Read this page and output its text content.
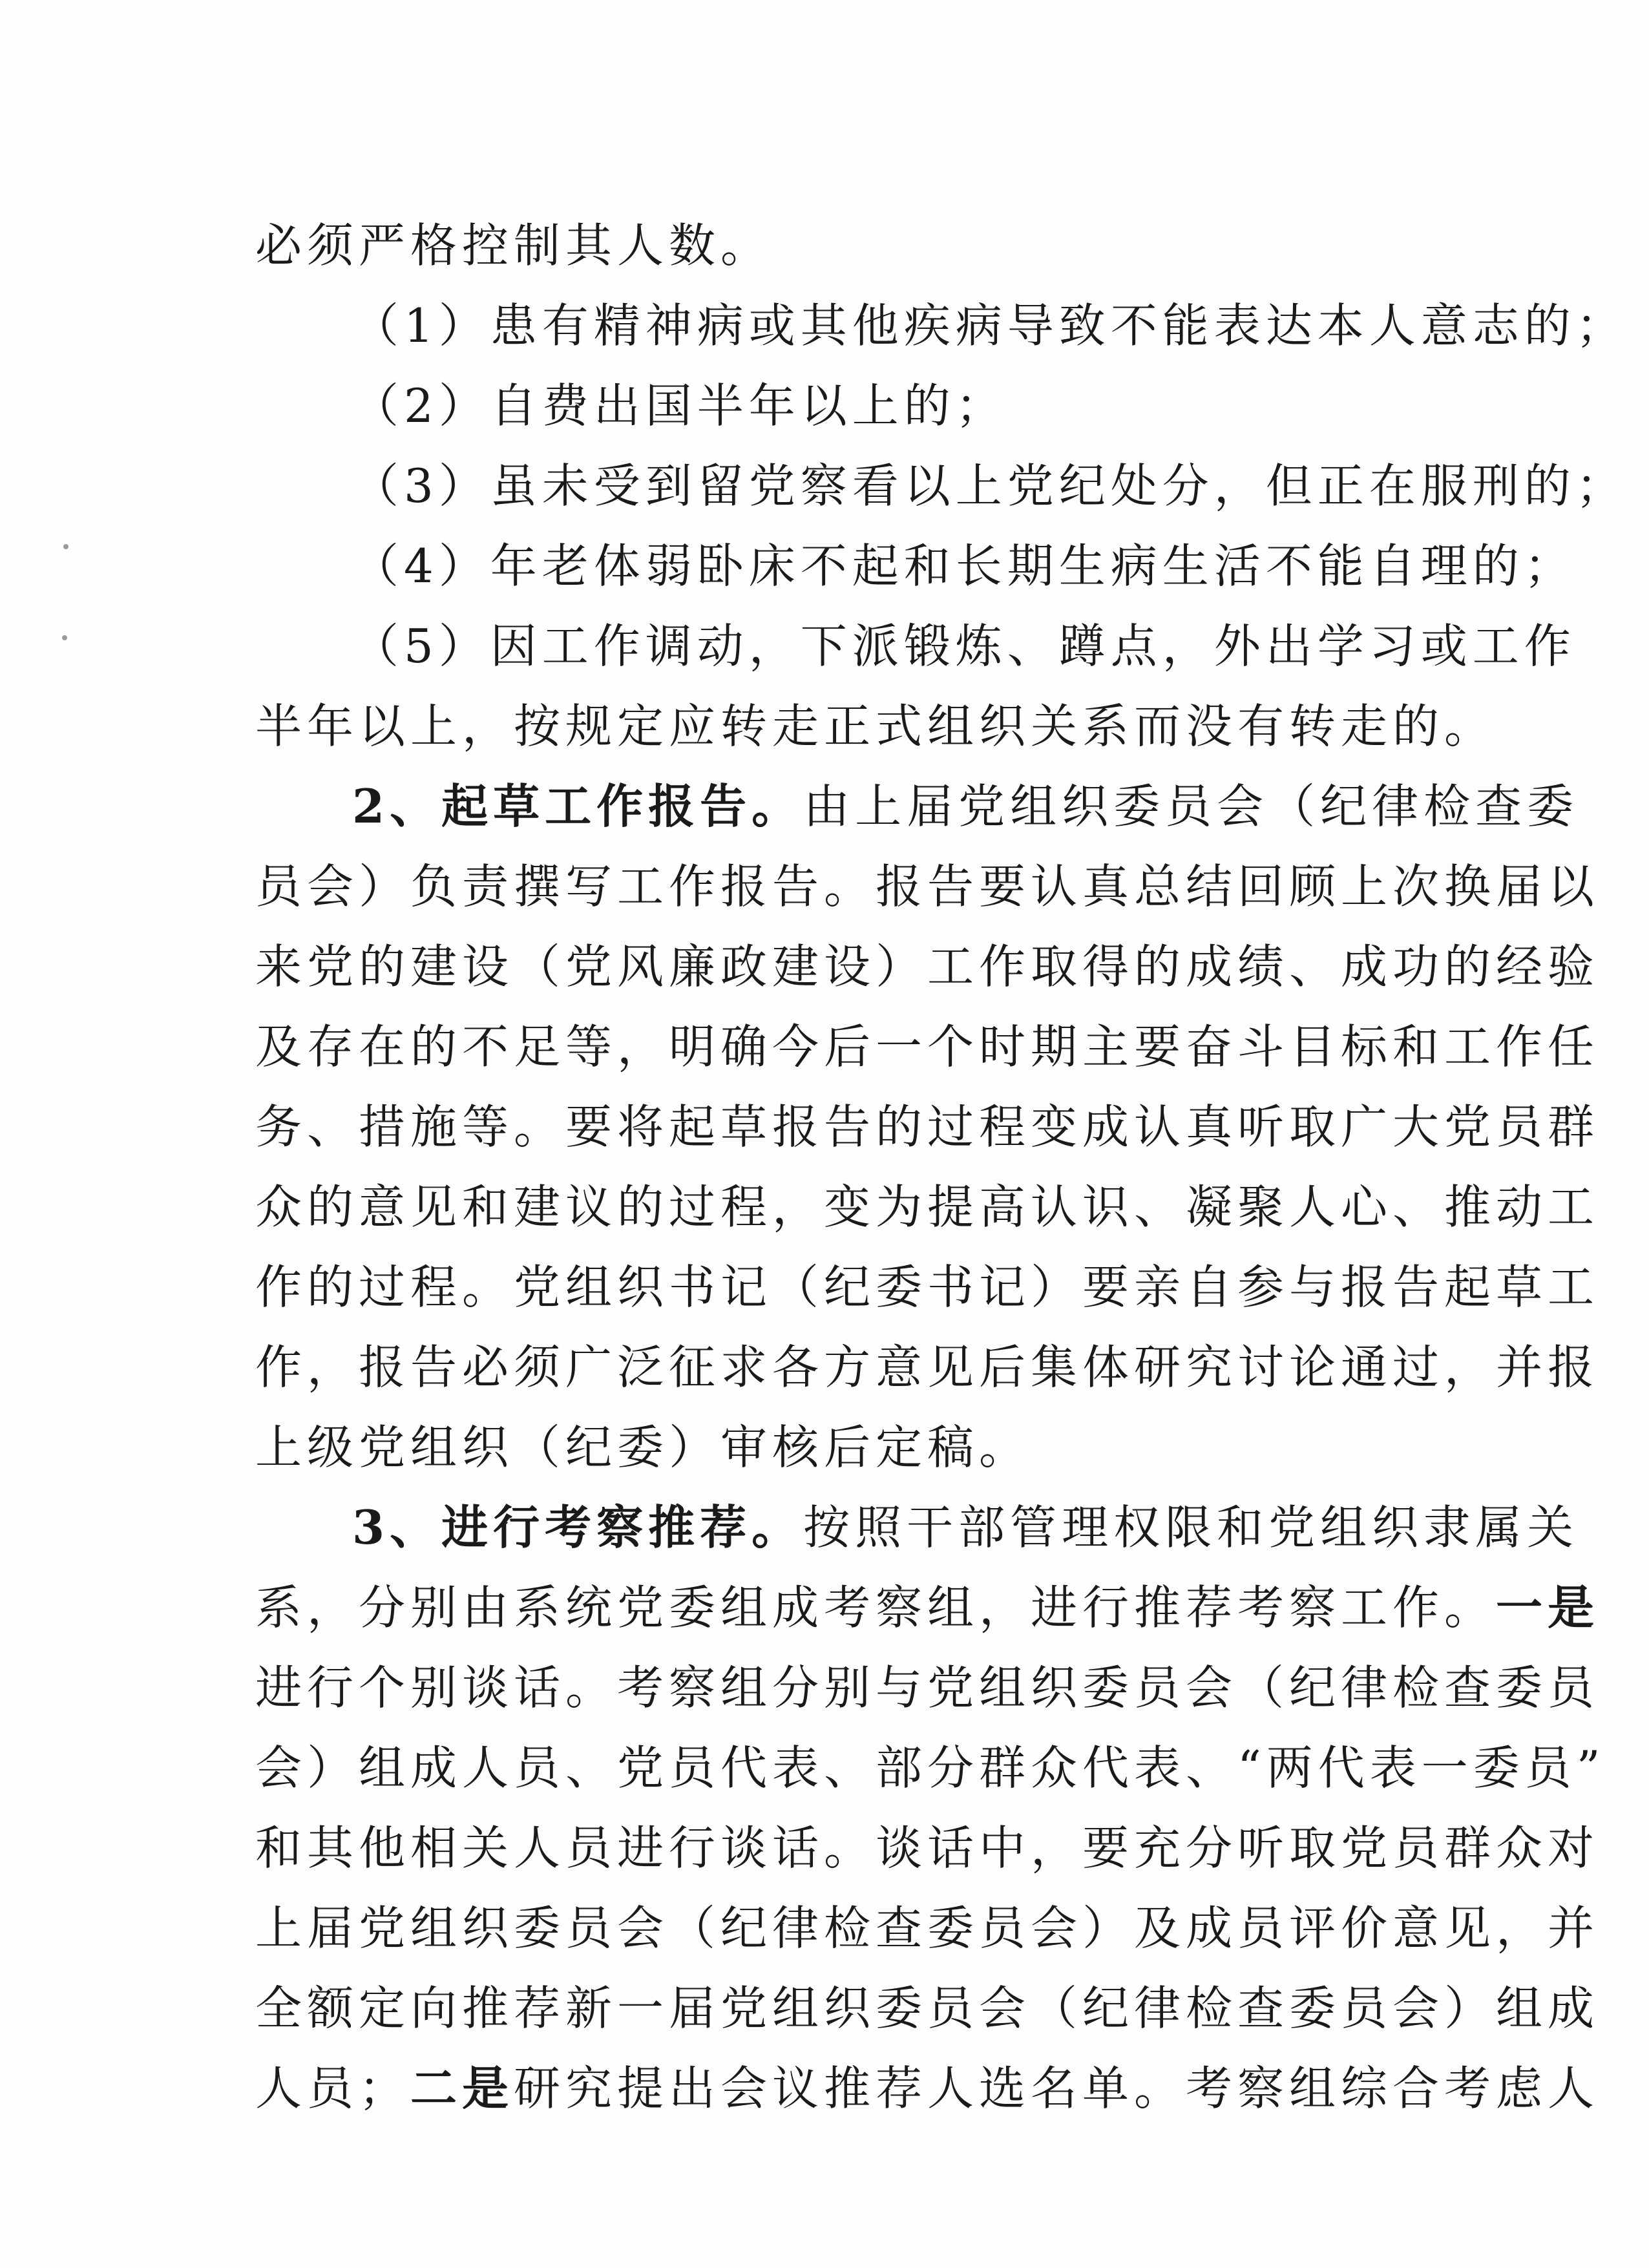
必须严格控制其人数。
（1）患有精神病或其他疾病导致不能表达本人意志的；
（2）自费出国半年以上的；
（3）虽未受到留党察看以上党纪处分，但正在服刑的；
（4）年老体弱卧床不起和长期生病生活不能自理的；
（5）因工作调动，下派锻炼、蹲点，外出学习或工作
半年以上，按规定应转走正式组织关系而没有转走的。
2、起草工作报告。由上届党组织委员会（纪律检查委
员会）负责撰写工作报告。报告要认真总结回顾上次换届以
来党的建设（党风廉政建设）工作取得的成绩、成功的经验
及存在的不足等，明确今后一个时期主要奋斗目标和工作任
务、措施等。要将起草报告的过程变成认真听取广大党员群
众的意见和建议的过程，变为提高认识、凝聚人心、推动工
作的过程。党组织书记（纪委书记）要亲自参与报告起草工
作，报告必须广泛征求各方意见后集体研究讨论通过，并报
上级党组织（纪委）审核后定稿。
3、进行考察推荐。按照干部管理权限和党组织隶属关
系，分别由系统党委组成考察组，进行推荐考察工作。一是
进行个别谈话。考察组分别与党组织委员会（纪律检查委员
会）组成人员、党员代表、部分群众代表、“两代表一委员”
和其他相关人员进行谈话。谈话中，要充分听取党员群众对
上届党组织委员会（纪律检查委员会）及成员评价意见，并
全额定向推荐新一届党组织委员会（纪律检查委员会）组成
人员；二是研究提出会议推荐人选名单。考察组综合考虑人
